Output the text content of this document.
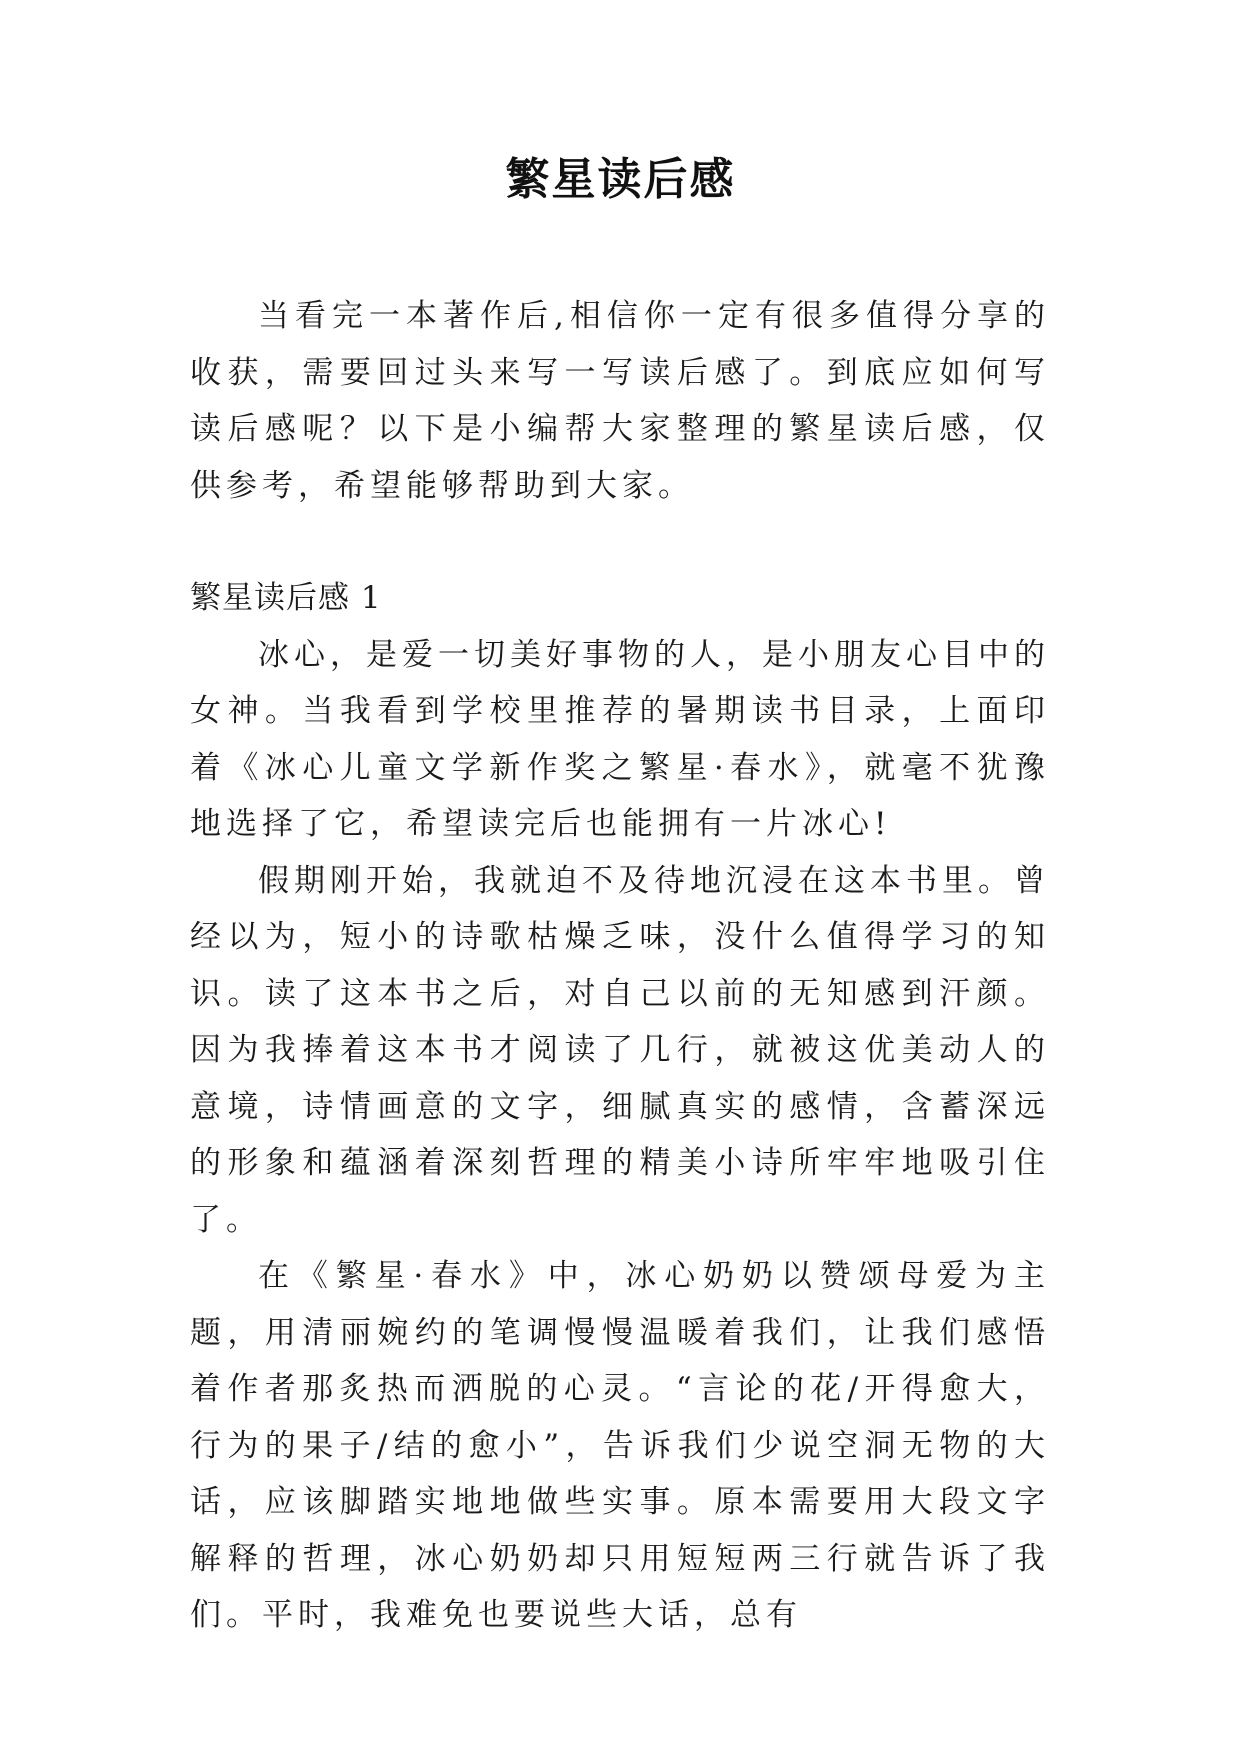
繁星读后感

当看完一本著作后,相信你一定有很多值得分享的收获，需要回过头来写一写读后感了。到底应如何写读后感呢？以下是小编帮大家整理的繁星读后感，仅供参考，希望能够帮助到大家。

繁星读后感 1

冰心，是爱一切美好事物的人，是小朋友心目中的女神。当我看到学校里推荐的暑期读书目录，上面印着《冰心儿童文学新作奖之繁星·春水》，就毫不犹豫地选择了它，希望读完后也能拥有一片冰心!

假期刚开始，我就迫不及待地沉浸在这本书里。曾经以为，短小的诗歌枯燥乏味，没什么值得学习的知识。读了这本书之后，对自己以前的无知感到汗颜。因为我捧着这本书才阅读了几行，就被这优美动人的意境，诗情画意的文字，细腻真实的感情，含蓄深远的形象和蕴涵着深刻哲理的精美小诗所牢牢地吸引住了。

在《繁星·春水》中，冰心奶奶以赞颂母爱为主题，用清丽婉约的笔调慢慢温暖着我们，让我们感悟着作者那炙热而洒脱的心灵。“言论的花/开得愈大，行为的果子/结的愈小”，告诉我们少说空洞无物的大话，应该脚踏实地地做些实事。原本需要用大段文字解释的哲理，冰心奶奶却只用短短两三行就告诉了我们。平时，我难免也要说些大话，总有
